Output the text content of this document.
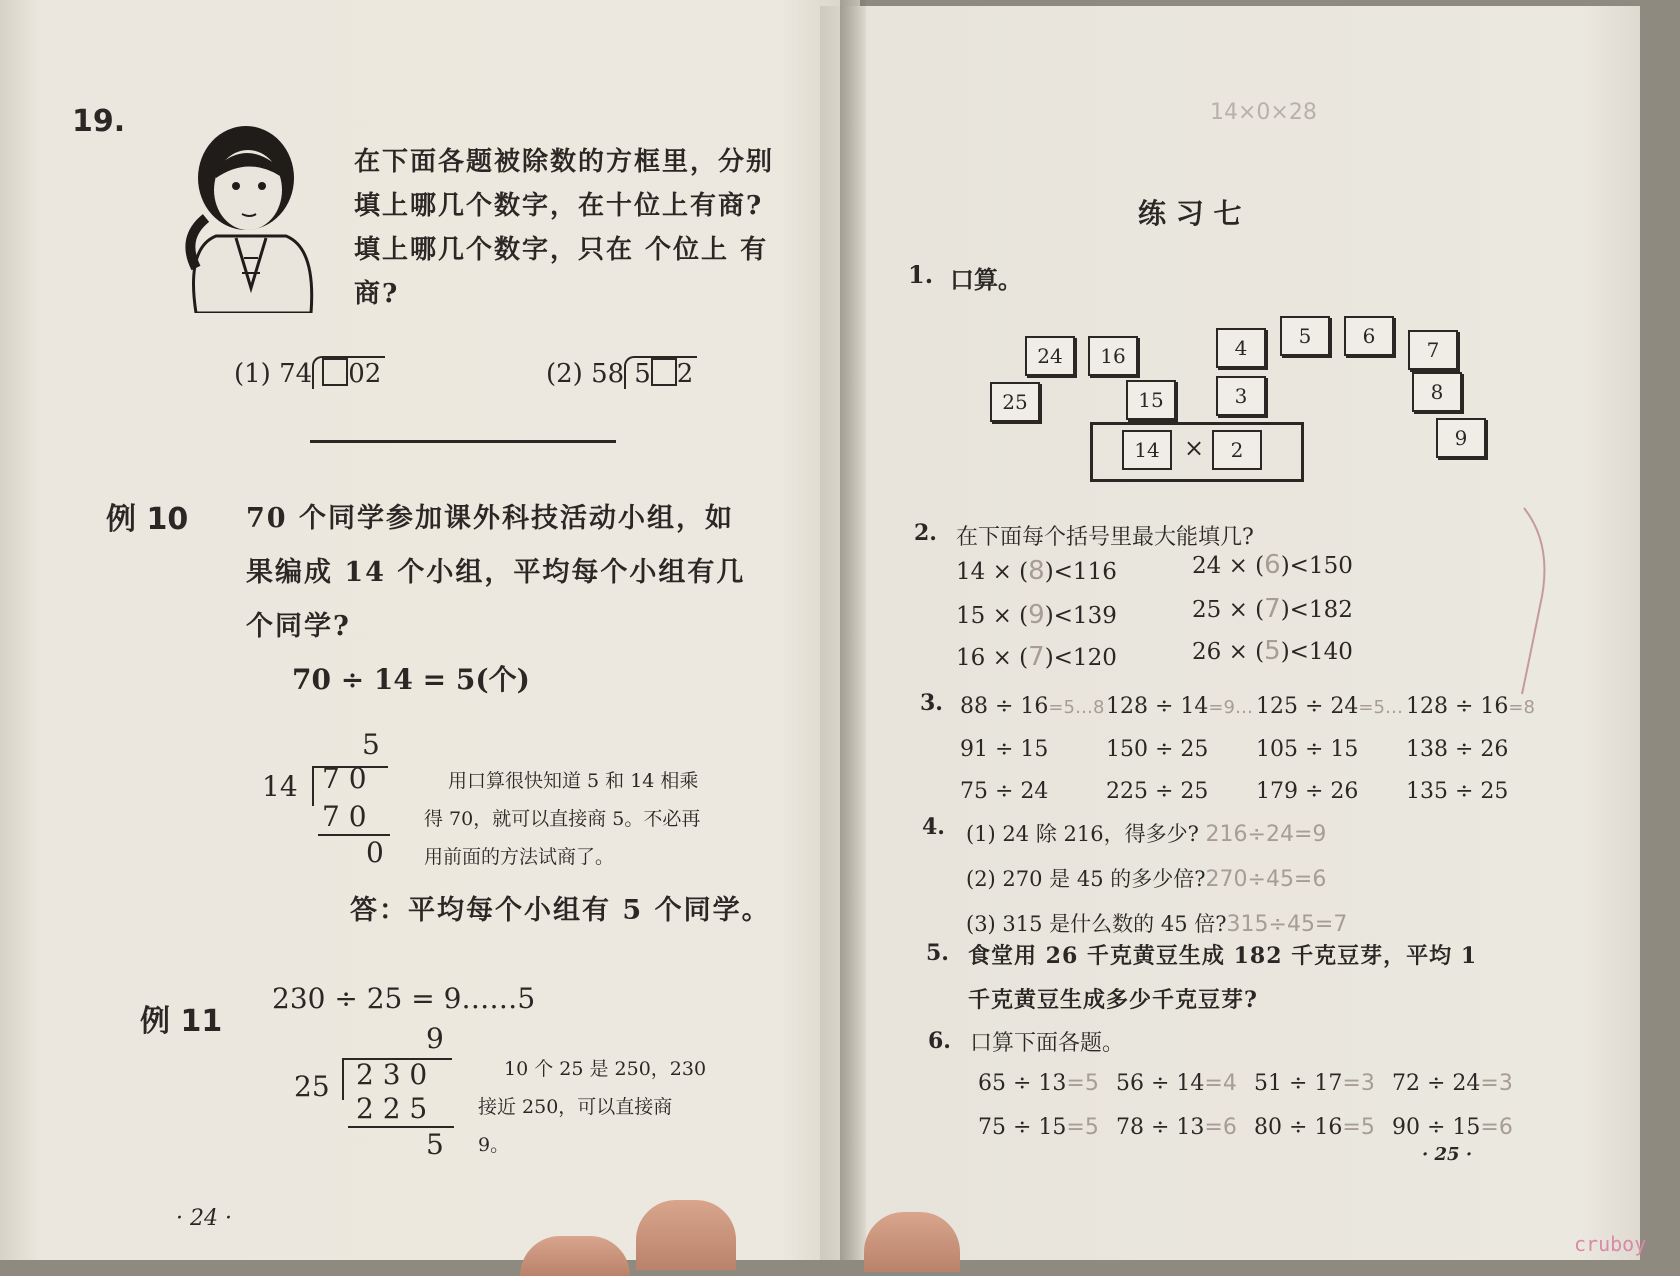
19.
在下面各题被除数的方框里，分别
填上哪几个数字，在十位上有商?
填上哪几个数字，只在 个位上 有
商?
(1) 74 02	(2) 58 5 2
例 10 70 个同学参加课外科技活动小组，如
果编成 14 个小组，平均每个小组有几
个同学?
70 ÷ 14 = 5(个)
5
14 7 0
7 0
0
用口算很快知道 5 和 14 相乘
得 70，就可以直接商 5。不必再
用前面的方法试商了。
答：平均每个小组有 5 个同学。
例 11
230 ÷ 25 = 9……5
9
25 2 3 0
2 2 5
5
10 个 25 是 250，230
接近 250，可以直接商
9。
· 24 ·
14×0×28
练 习 七
1. 口算。
24	16	4	5	6
7
25	15	3	8
9
14	×	2
2. 在下面每个括号里最大能填几?
14 × (8)<116	24 × (6)<150
15 × (9)<139	25 × (7)<182
16 × (7)<120	26 × (5)<140
3. 88 ÷ 16=5…8 128 ÷ 14=9… 125 ÷ 24=5… 128 ÷ 16=8
91 ÷ 15	150 ÷ 25	105 ÷ 15	138 ÷ 26
75 ÷ 24	225 ÷ 25	179 ÷ 26	135 ÷ 25
4. (1) 24 除 216，得多少? 216÷24=9
(2) 270 是 45 的多少倍?270÷45=6
(3) 315 是什么数的 45 倍?315÷45=7
5. 食堂用 26 千克黄豆生成 182 千克豆芽，平均 1
千克黄豆生成多少千克豆芽?
6. 口算下面各题。
65 ÷ 13=5 56 ÷ 14=4 51 ÷ 17=3 72 ÷ 24=3
75 ÷ 15=5 78 ÷ 13=6 80 ÷ 16=5 90 ÷ 15=6
· 25 ·
cruboy
